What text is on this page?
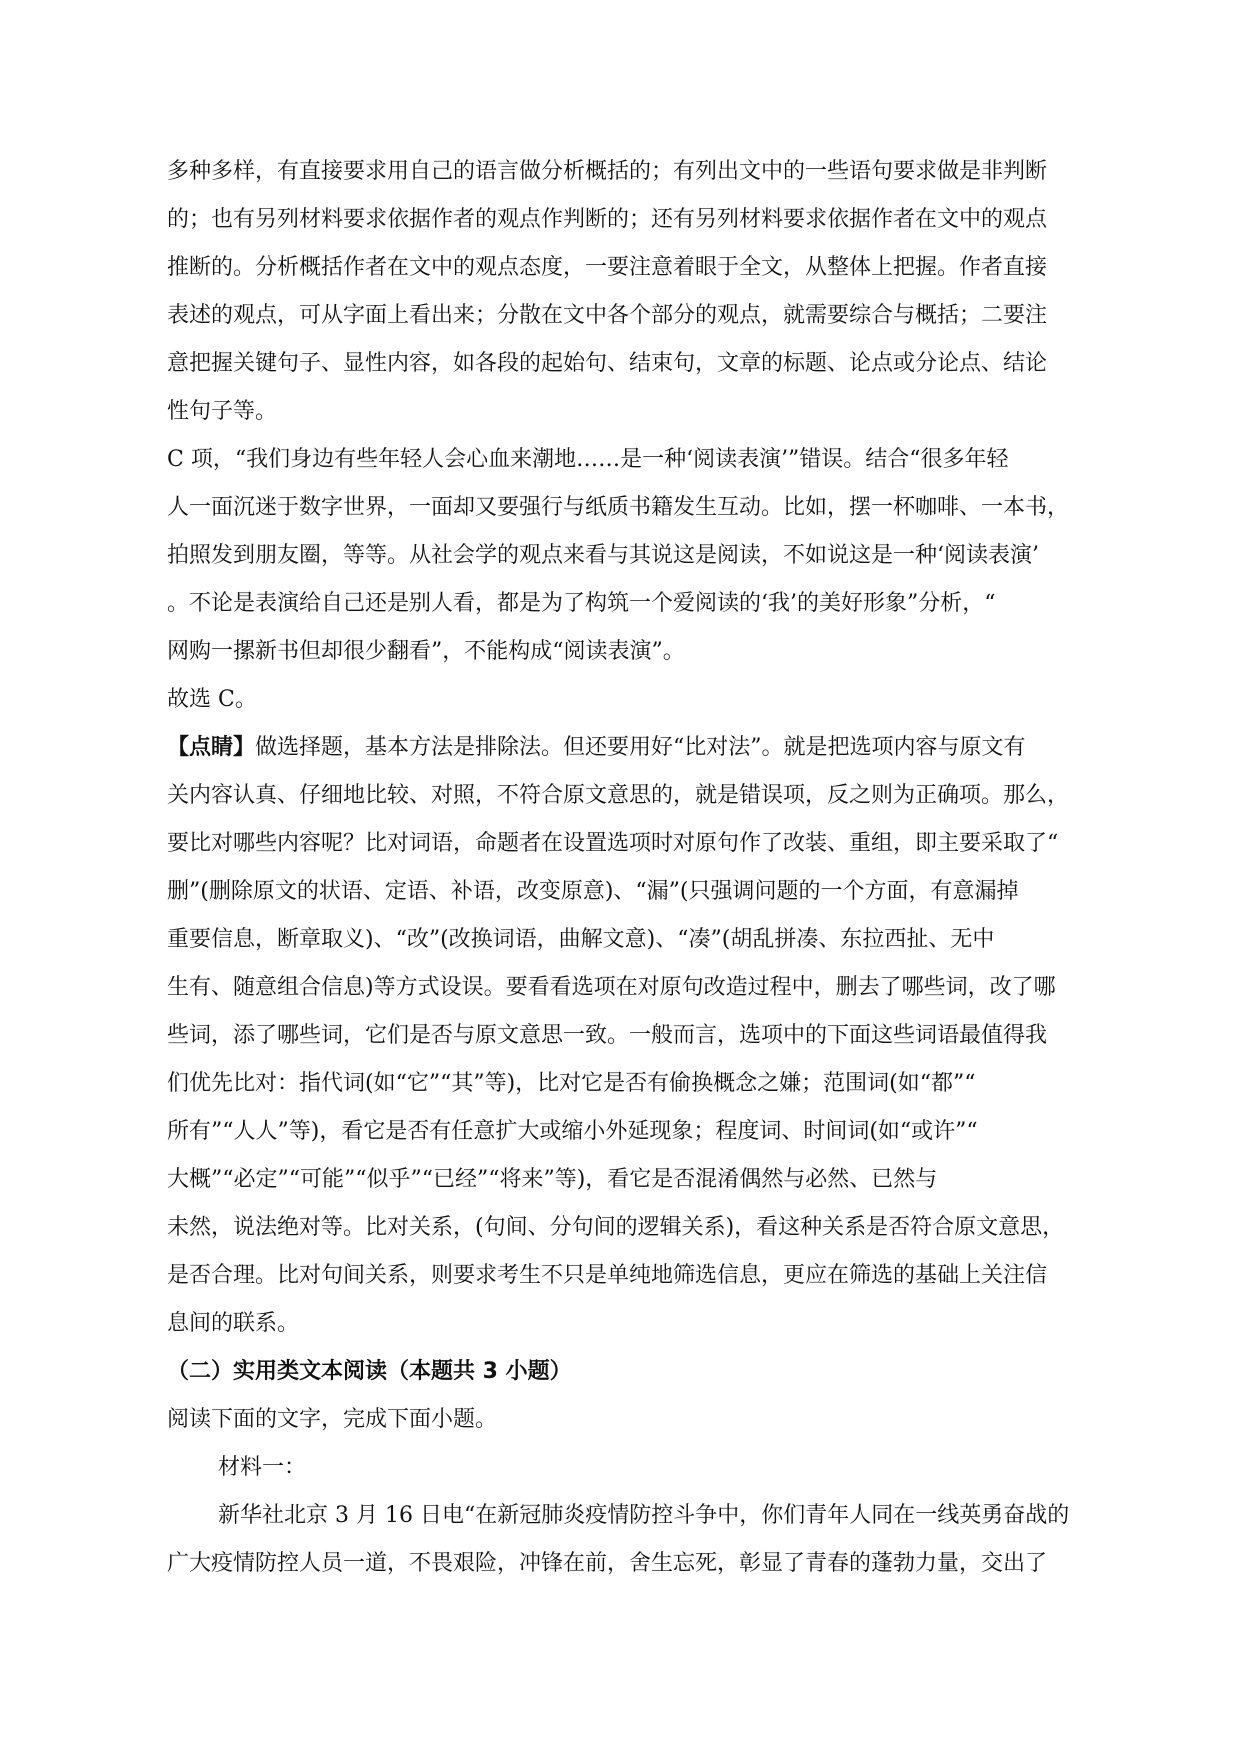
多种多样，有直接要求用自己的语言做分析概括的；有列出文中的一些语句要求做是非判断
的；也有另列材料要求依据作者的观点作判断的；还有另列材料要求依据作者在文中的观点
推断的。分析概括作者在文中的观点态度，一要注意着眼于全文，从整体上把握。作者直接
表述的观点，可从字面上看出来；分散在文中各个部分的观点，就需要综合与概括；二要注
意把握关键句子、显性内容，如各段的起始句、结束句，文章的标题、论点或分论点、结论
性句子等。
C 项，“我们身边有些年轻人会心血来潮地……是一种‘阅读表演’”错误。结合“很多年轻
人一面沉迷于数字世界，一面却又要强行与纸质书籍发生互动。比如，摆一杯咖啡、一本书，
拍照发到朋友圈，等等。从社会学的观点来看与其说这是阅读，不如说这是一种‘阅读表演’
。不论是表演给自己还是别人看，都是为了构筑一个爱阅读的‘我’的美好形象”分析，“
网购一摞新书但却很少翻看”，不能构成“阅读表演”。
故选 C。
【点睛】做选择题，基本方法是排除法。但还要用好“比对法”。就是把选项内容与原文有
关内容认真、仔细地比较、对照，不符合原文意思的，就是错误项，反之则为正确项。那么，
要比对哪些内容呢？比对词语，命题者在设置选项时对原句作了改装、重组，即主要采取了“
删”(删除原文的状语、定语、补语，改变原意)、“漏”(只强调问题的一个方面，有意漏掉
重要信息，断章取义)、“改”(改换词语，曲解文意)、“凑”(胡乱拼凑、东拉西扯、无中
生有、随意组合信息)等方式设误。要看看选项在对原句改造过程中，删去了哪些词，改了哪
些词，添了哪些词，它们是否与原文意思一致。一般而言，选项中的下面这些词语最值得我
们优先比对：指代词(如“它”“其”等)，比对它是否有偷换概念之嫌；范围词(如“都”“
所有”“人人”等)，看它是否有任意扩大或缩小外延现象；程度词、时间词(如“或许”“
大概”“必定”“可能”“似乎”“已经”“将来”等)，看它是否混淆偶然与必然、已然与
未然，说法绝对等。比对关系，(句间、分句间的逻辑关系)，看这种关系是否符合原文意思，
是否合理。比对句间关系，则要求考生不只是单纯地筛选信息，更应在筛选的基础上关注信
息间的联系。
（二）实用类文本阅读（本题共 3 小题）
阅读下面的文字，完成下面小题。
材料一：
新华社北京 3 月 16 日电“在新冠肺炎疫情防控斗争中，你们青年人同在一线英勇奋战的
广大疫情防控人员一道，不畏艰险，冲锋在前，舍生忘死，彰显了青春的蓬勃力量，交出了
